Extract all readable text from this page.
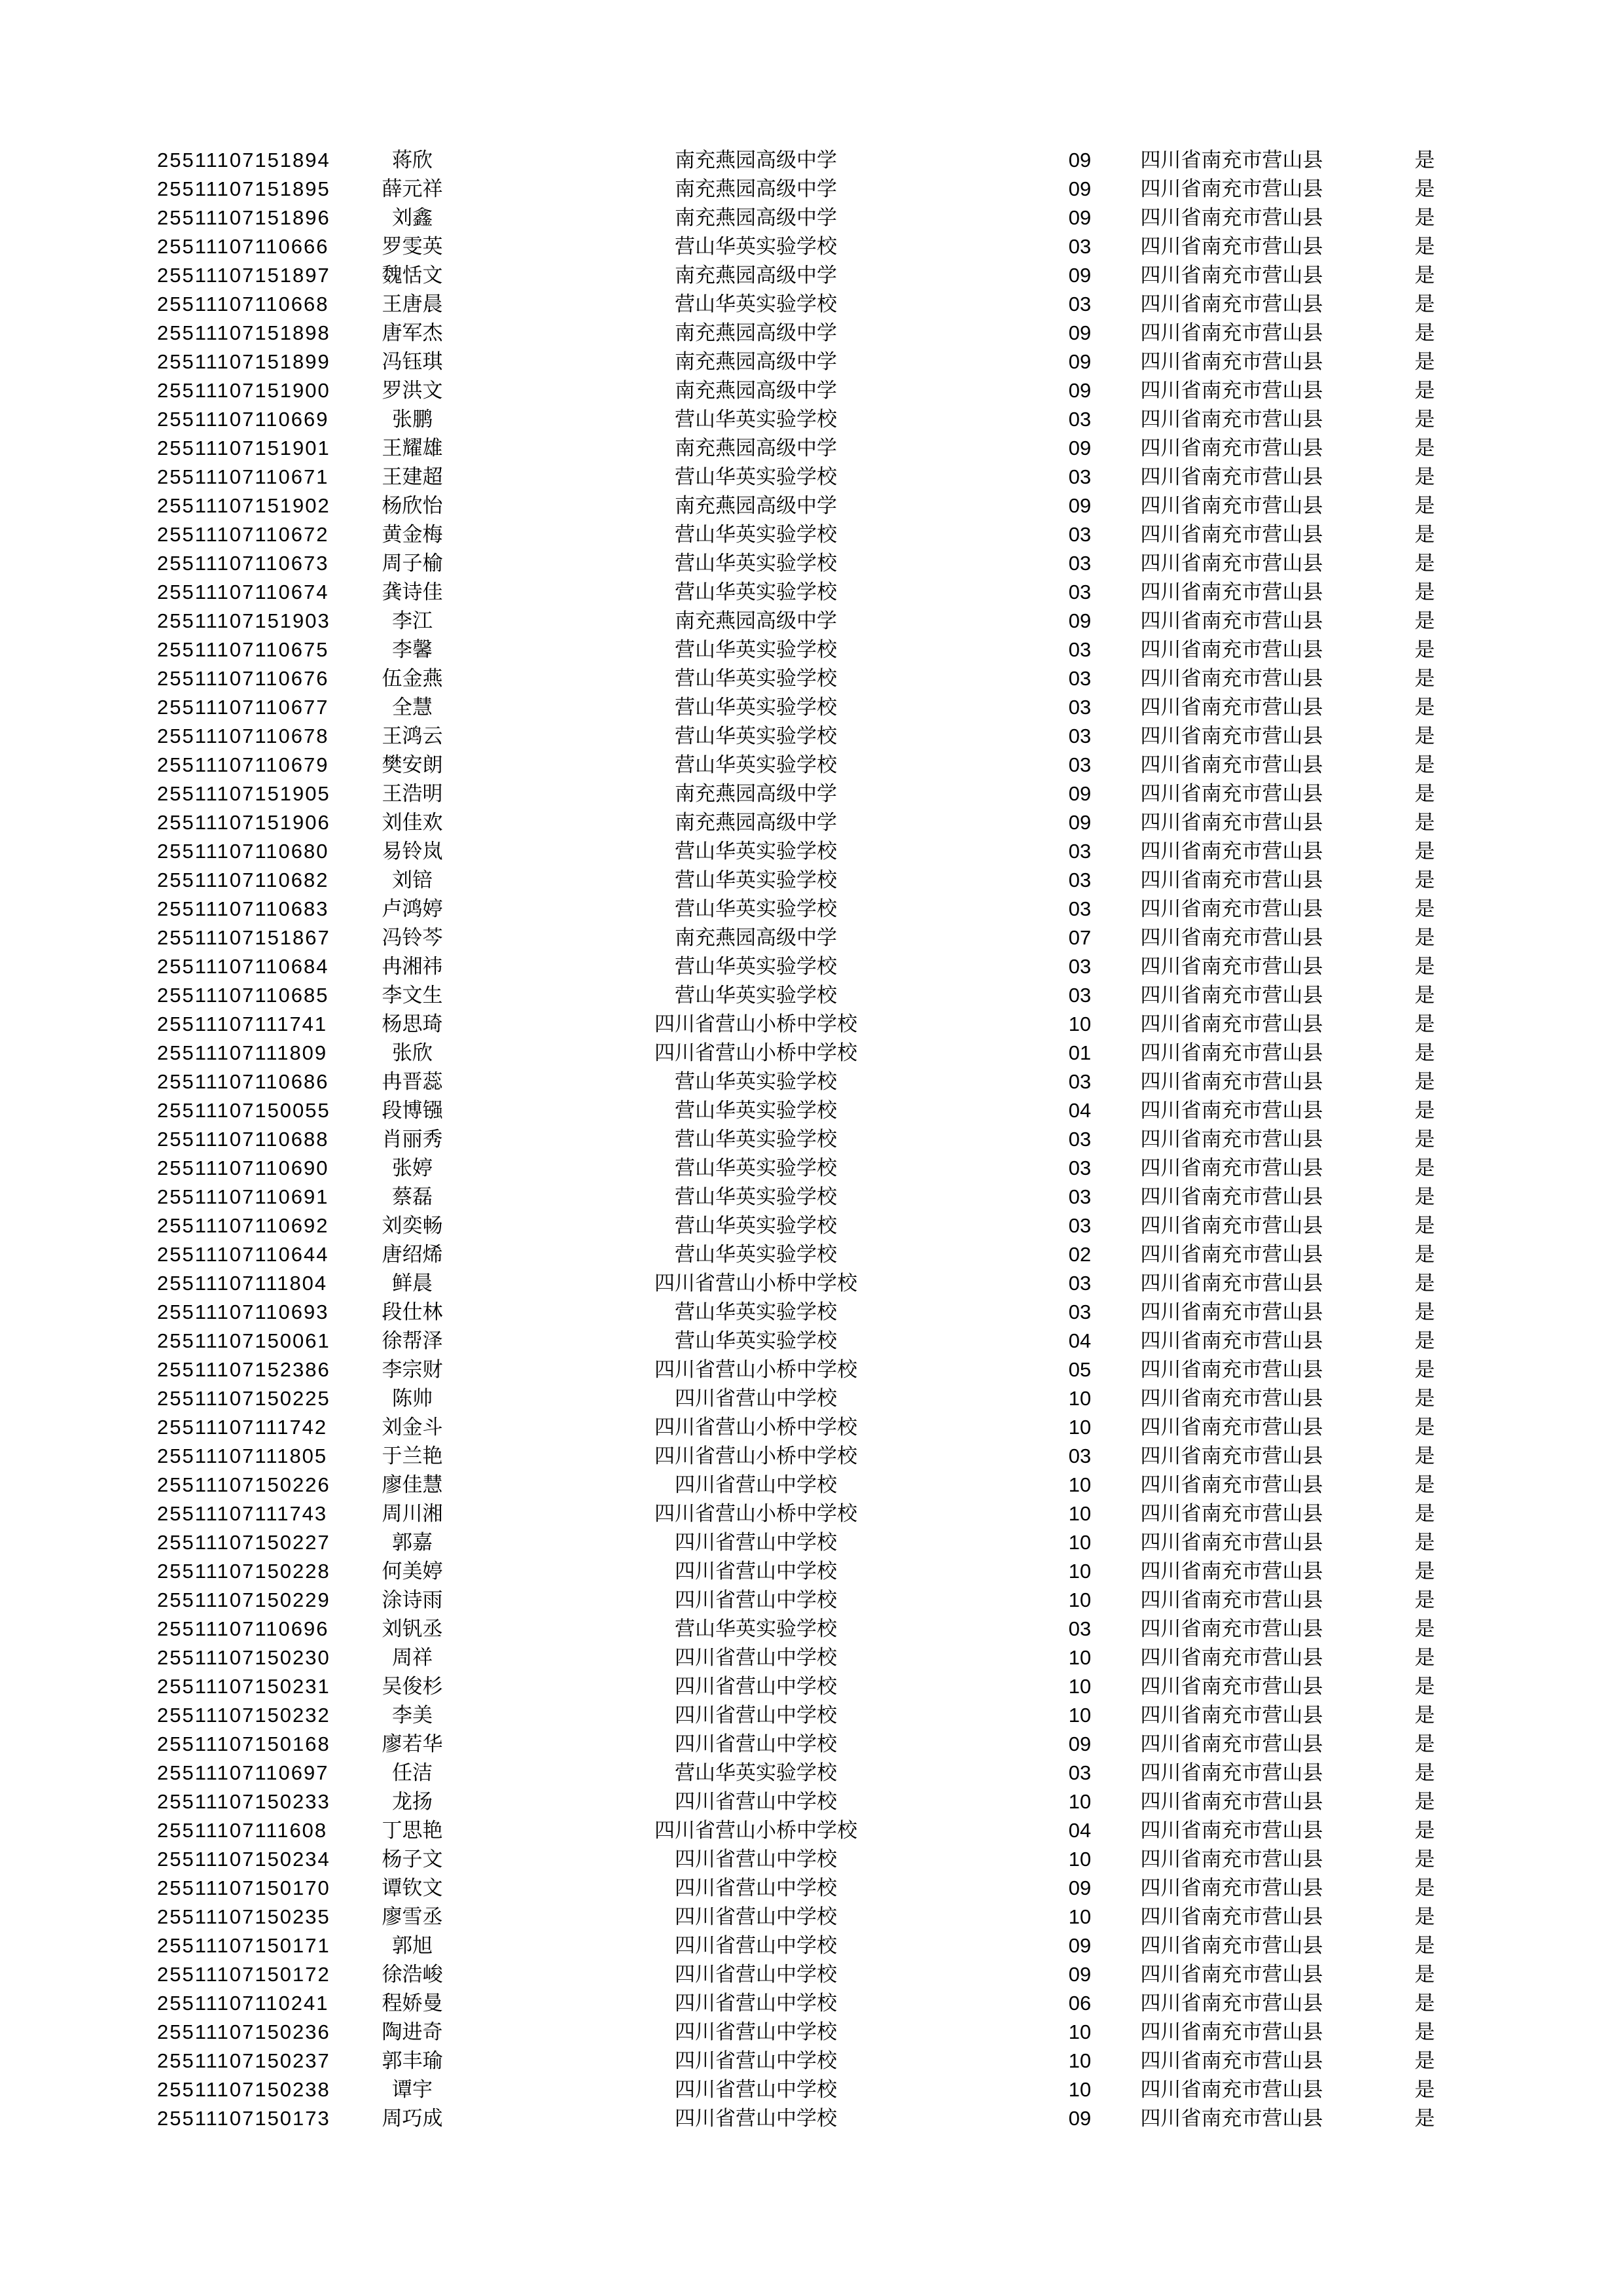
25511107151894	蒋欣	南充燕园高级中学	09	四川省南充市营山县	是
25511107151895	薛元祥	南充燕园高级中学	09	四川省南充市营山县	是
25511107151896	刘鑫	南充燕园高级中学	09	四川省南充市营山县	是
25511107110666	罗雯英	营山华英实验学校	03	四川省南充市营山县	是
25511107151897	魏恬文	南充燕园高级中学	09	四川省南充市营山县	是
25511107110668	王唐晨	营山华英实验学校	03	四川省南充市营山县	是
25511107151898	唐军杰	南充燕园高级中学	09	四川省南充市营山县	是
25511107151899	冯钰琪	南充燕园高级中学	09	四川省南充市营山县	是
25511107151900	罗洪文	南充燕园高级中学	09	四川省南充市营山县	是
25511107110669	张鹏	营山华英实验学校	03	四川省南充市营山县	是
25511107151901	王耀雄	南充燕园高级中学	09	四川省南充市营山县	是
25511107110671	王建超	营山华英实验学校	03	四川省南充市营山县	是
25511107151902	杨欣怡	南充燕园高级中学	09	四川省南充市营山县	是
25511107110672	黄金梅	营山华英实验学校	03	四川省南充市营山县	是
25511107110673	周子榆	营山华英实验学校	03	四川省南充市营山县	是
25511107110674	龚诗佳	营山华英实验学校	03	四川省南充市营山县	是
25511107151903	李江	南充燕园高级中学	09	四川省南充市营山县	是
25511107110675	李馨	营山华英实验学校	03	四川省南充市营山县	是
25511107110676	伍金燕	营山华英实验学校	03	四川省南充市营山县	是
25511107110677	全慧	营山华英实验学校	03	四川省南充市营山县	是
25511107110678	王鸿云	营山华英实验学校	03	四川省南充市营山县	是
25511107110679	樊安朗	营山华英实验学校	03	四川省南充市营山县	是
25511107151905	王浩明	南充燕园高级中学	09	四川省南充市营山县	是
25511107151906	刘佳欢	南充燕园高级中学	09	四川省南充市营山县	是
25511107110680	易铃岚	营山华英实验学校	03	四川省南充市营山县	是
25511107110682	刘锫	营山华英实验学校	03	四川省南充市营山县	是
25511107110683	卢鸿婷	营山华英实验学校	03	四川省南充市营山县	是
25511107151867	冯铃芩	南充燕园高级中学	07	四川省南充市营山县	是
25511107110684	冉湘祎	营山华英实验学校	03	四川省南充市营山县	是
25511107110685	李文生	营山华英实验学校	03	四川省南充市营山县	是
25511107111741	杨思琦	四川省营山小桥中学校	10	四川省南充市营山县	是
25511107111809	张欣	四川省营山小桥中学校	01	四川省南充市营山县	是
25511107110686	冉晋蕊	营山华英实验学校	03	四川省南充市营山县	是
25511107150055	段博镪	营山华英实验学校	04	四川省南充市营山县	是
25511107110688	肖丽秀	营山华英实验学校	03	四川省南充市营山县	是
25511107110690	张婷	营山华英实验学校	03	四川省南充市营山县	是
25511107110691	蔡磊	营山华英实验学校	03	四川省南充市营山县	是
25511107110692	刘奕畅	营山华英实验学校	03	四川省南充市营山县	是
25511107110644	唐绍烯	营山华英实验学校	02	四川省南充市营山县	是
25511107111804	鲜晨	四川省营山小桥中学校	03	四川省南充市营山县	是
25511107110693	段仕林	营山华英实验学校	03	四川省南充市营山县	是
25511107150061	徐帮泽	营山华英实验学校	04	四川省南充市营山县	是
25511107152386	李宗财	四川省营山小桥中学校	05	四川省南充市营山县	是
25511107150225	陈帅	四川省营山中学校	10	四川省南充市营山县	是
25511107111742	刘金斗	四川省营山小桥中学校	10	四川省南充市营山县	是
25511107111805	于兰艳	四川省营山小桥中学校	03	四川省南充市营山县	是
25511107150226	廖佳慧	四川省营山中学校	10	四川省南充市营山县	是
25511107111743	周川湘	四川省营山小桥中学校	10	四川省南充市营山县	是
25511107150227	郭嘉	四川省营山中学校	10	四川省南充市营山县	是
25511107150228	何美婷	四川省营山中学校	10	四川省南充市营山县	是
25511107150229	涂诗雨	四川省营山中学校	10	四川省南充市营山县	是
25511107110696	刘钒丞	营山华英实验学校	03	四川省南充市营山县	是
25511107150230	周祥	四川省营山中学校	10	四川省南充市营山县	是
25511107150231	吴俊杉	四川省营山中学校	10	四川省南充市营山县	是
25511107150232	李美	四川省营山中学校	10	四川省南充市营山县	是
25511107150168	廖若华	四川省营山中学校	09	四川省南充市营山县	是
25511107110697	任洁	营山华英实验学校	03	四川省南充市营山县	是
25511107150233	龙扬	四川省营山中学校	10	四川省南充市营山县	是
25511107111608	丁思艳	四川省营山小桥中学校	04	四川省南充市营山县	是
25511107150234	杨子文	四川省营山中学校	10	四川省南充市营山县	是
25511107150170	谭钦文	四川省营山中学校	09	四川省南充市营山县	是
25511107150235	廖雪丞	四川省营山中学校	10	四川省南充市营山县	是
25511107150171	郭旭	四川省营山中学校	09	四川省南充市营山县	是
25511107150172	徐浩峻	四川省营山中学校	09	四川省南充市营山县	是
25511107110241	程娇曼	四川省营山中学校	06	四川省南充市营山县	是
25511107150236	陶进奇	四川省营山中学校	10	四川省南充市营山县	是
25511107150237	郭丰瑜	四川省营山中学校	10	四川省南充市营山县	是
25511107150238	谭宇	四川省营山中学校	10	四川省南充市营山县	是
25511107150173	周巧成	四川省营山中学校	09	四川省南充市营山县	是
